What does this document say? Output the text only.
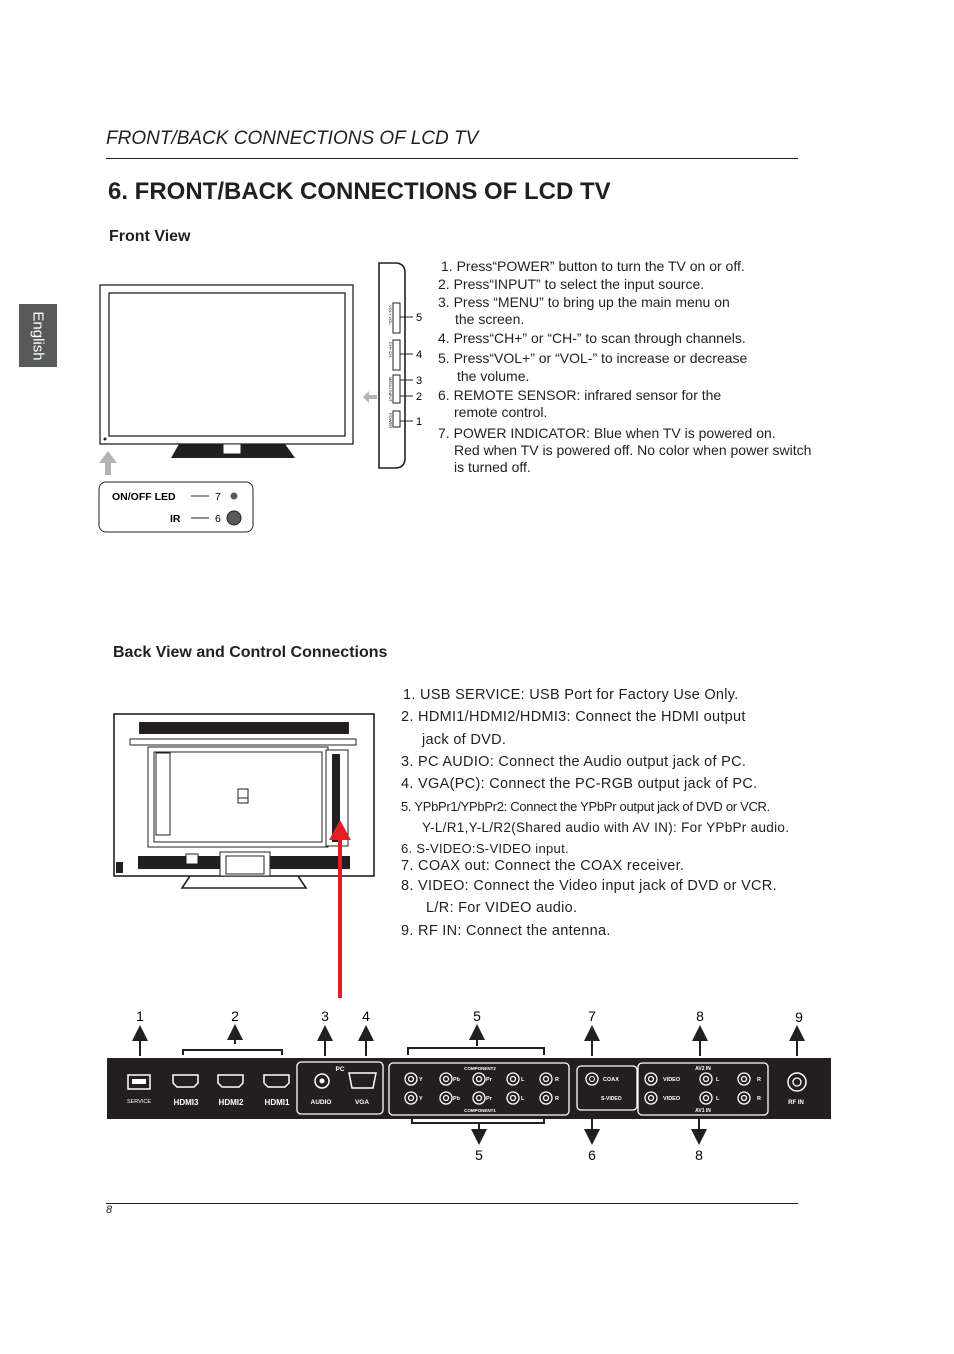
FRONT/BACK CONNECTIONS OF LCD TV
English
6. FRONT/BACK CONNECTIONS OF LCD TV
Front View
VOL+ VOL-
CH+ CH-
MENU INPUT
POWER
5
4
3
2
1
ON/OFF LED	7
IR	6
1. Press“POWER” button to turn the TV on or off.
2. Press“INPUT” to select the input source.
3. Press “MENU” to bring up the main menu on
the screen.
4. Press“CH+” or “CH-” to scan through channels.
5. Press“VOL+” or “VOL-” to increase or decrease
the volume.
6. REMOTE SENSOR: infrared sensor for the
remote control.
7. POWER INDICATOR: Blue when TV is powered on.
Red when TV is powered off. No color when power switch
is turned off.
Back View and Control Connections
1. USB SERVICE: USB Port for Factory Use Only.
2. HDMI1/HDMI2/HDMI3: Connect the HDMI output
jack of DVD.
3. PC AUDIO: Connect the Audio output jack of PC.
4. VGA(PC): Connect the PC-RGB output jack of PC.
5. YPbPr1/YPbPr2: Connect the YPbPr output jack of DVD or VCR.
Y-L/R1,Y-L/R2(Shared audio with AV IN): For YPbPr audio.
6. S-VIDEO:S-VIDEO input.
7. COAX out: Connect the COAX receiver.
8. VIDEO: Connect the Video input jack of DVD or VCR.
L/R: For VIDEO audio.
9. RF IN: Connect the antenna.
1	2	3 4	5	7	8	9
5	6	8
SERVICE	HDMI3	HDMI2	HDMI1
PC
AUDIO	VGA
COMPONENT2
COMPONENT1
Y	Pb	Pr	L	R
Y	Pb	Pr	L	R
COAX
S-VIDEO
AV2 IN
AV1 IN
VIDEO	L	R
VIDEO	L	R
RF IN
8
